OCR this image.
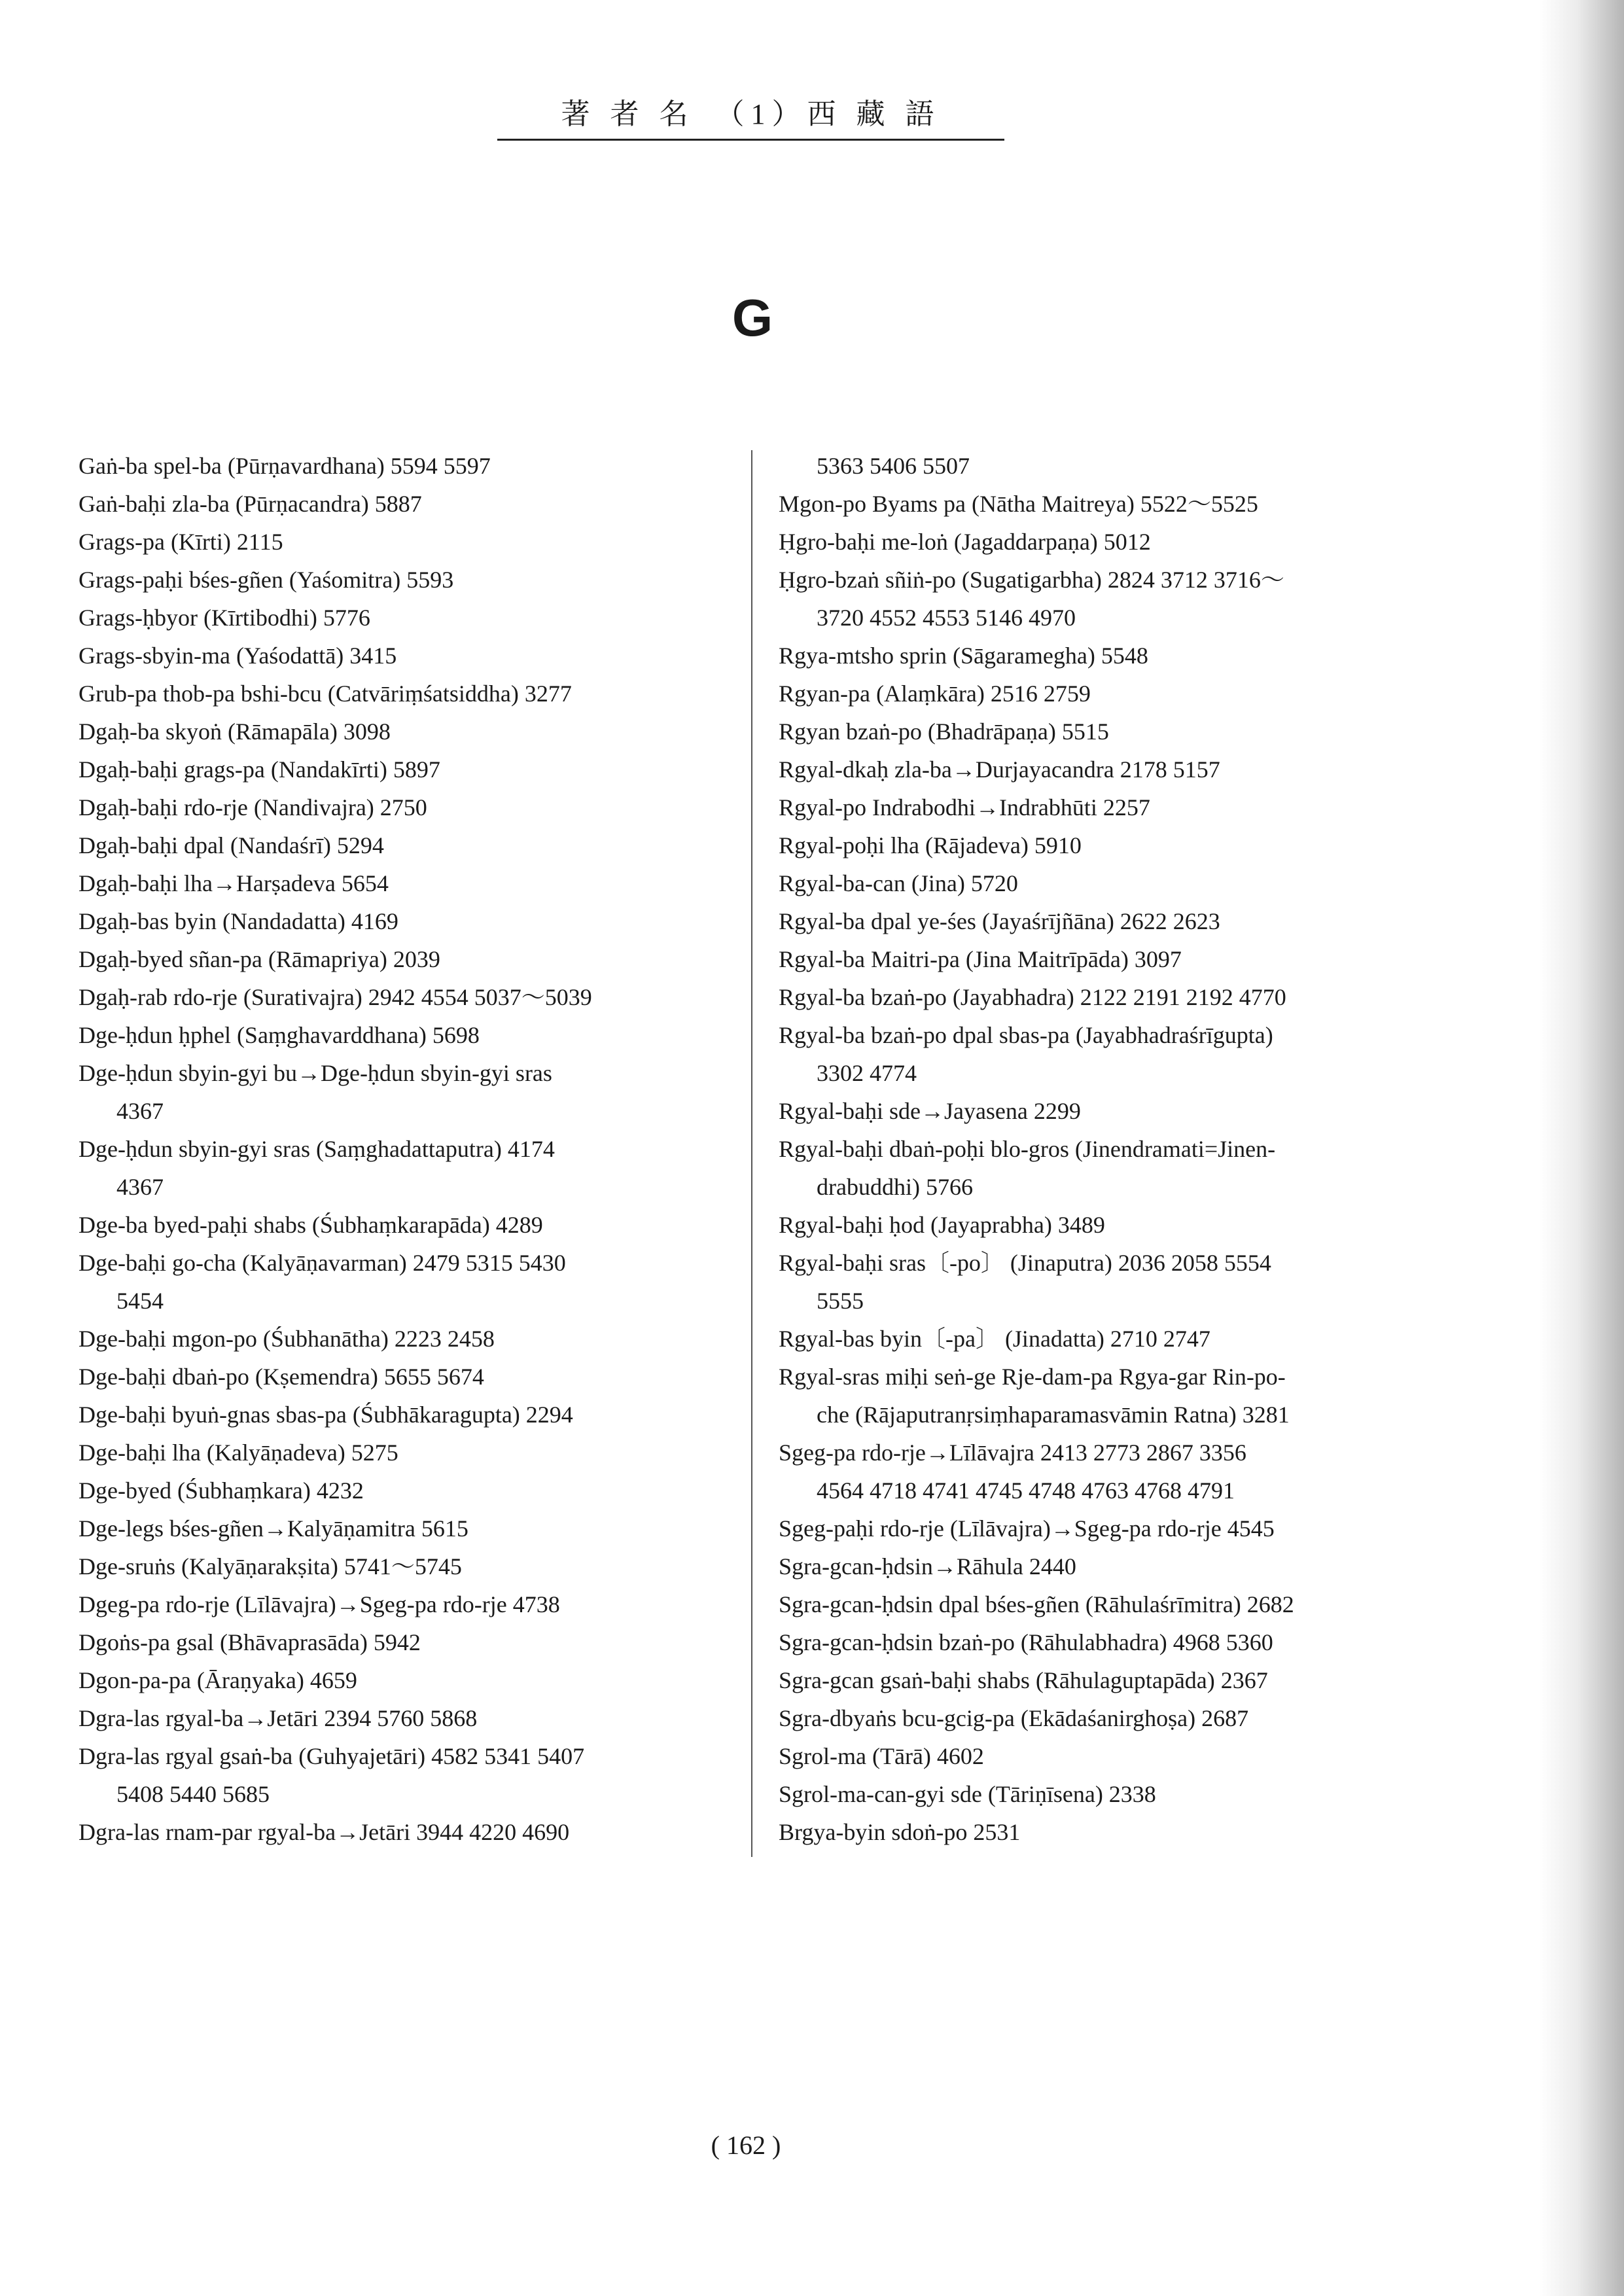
著 者 名　（1）西 藏 語
G

Gaṅ-ba spel-ba (Pūrṇavardhana) 5594 5597

Gaṅ-baḥi zla-ba (Pūrṇacandra) 5887

Grags-pa (Kīrti) 2115

Grags-paḥi bśes-gñen (Yaśomitra) 5593

Grags-ḥbyor (Kīrtibodhi) 5776

Grags-sbyin-ma (Yaśodattā) 3415

Grub-pa thob-pa bshi-bcu (Catvāriṃśatsiddha) 3277

Dgaḥ-ba skyoṅ (Rāmapāla) 3098

Dgaḥ-baḥi grags-pa (Nandakīrti) 5897

Dgaḥ-baḥi rdo-rje (Nandivajra) 2750

Dgaḥ-baḥi dpal (Nandaśrī) 5294

Dgaḥ-baḥi lha→Harṣadeva 5654

Dgaḥ-bas byin (Nandadatta) 4169

Dgaḥ-byed sñan-pa (Rāmapriya) 2039

Dgaḥ-rab rdo-rje (Surativajra) 2942 4554 5037～5039

Dge-ḥdun ḥphel (Saṃghavarddhana) 5698

Dge-ḥdun sbyin-gyi bu→Dge-ḥdun sbyin-gyi sras

4367

Dge-ḥdun sbyin-gyi sras (Saṃghadattaputra) 4174

4367

Dge-ba byed-paḥi shabs (Śubhaṃkarapāda) 4289

Dge-baḥi go-cha (Kalyāṇavarman) 2479 5315 5430

5454

Dge-baḥi mgon-po (Śubhanātha) 2223 2458

Dge-baḥi dbaṅ-po (Kṣemendra) 5655 5674

Dge-baḥi byuṅ-gnas sbas-pa (Śubhākaragupta) 2294

Dge-baḥi lha (Kalyāṇadeva) 5275

Dge-byed (Śubhaṃkara) 4232

Dge-legs bśes-gñen→Kalyāṇamitra 5615

Dge-sruṅs (Kalyāṇarakṣita) 5741～5745

Dgeg-pa rdo-rje (Līlāvajra)→Sgeg-pa rdo-rje 4738

Dgoṅs-pa gsal (Bhāvaprasāda) 5942

Dgon-pa-pa (Āraṇyaka) 4659

Dgra-las rgyal-ba→Jetāri 2394 5760 5868

Dgra-las rgyal gsaṅ-ba (Guhyajetāri) 4582 5341 5407

5408 5440 5685

Dgra-las rnam-par rgyal-ba→Jetāri 3944 4220 4690

5363 5406 5507

Mgon-po Byams pa (Nātha Maitreya) 5522～5525

Ḥgro-baḥi me-loṅ (Jagaddarpaṇa) 5012

Ḥgro-bzaṅ sñiṅ-po (Sugatigarbha) 2824 3712 3716～

3720 4552 4553 5146 4970

Rgya-mtsho sprin (Sāgaramegha) 5548

Rgyan-pa (Alaṃkāra) 2516 2759

Rgyan bzaṅ-po (Bhadrāpaṇa) 5515

Rgyal-dkaḥ zla-ba→Durjayacandra 2178 5157

Rgyal-po Indrabodhi→Indrabhūti 2257

Rgyal-poḥi lha (Rājadeva) 5910

Rgyal-ba-can (Jina) 5720

Rgyal-ba dpal ye-śes (Jayaśrījñāna) 2622 2623

Rgyal-ba Maitri-pa (Jina Maitrīpāda) 3097

Rgyal-ba bzaṅ-po (Jayabhadra) 2122 2191 2192 4770

Rgyal-ba bzaṅ-po dpal sbas-pa (Jayabhadraśrīgupta)

3302 4774

Rgyal-baḥi sde→Jayasena 2299

Rgyal-baḥi dbaṅ-poḥi blo-gros (Jinendramati=Jinen-

drabuddhi) 5766

Rgyal-baḥi ḥod (Jayaprabha) 3489

Rgyal-baḥi sras〔-po〕 (Jinaputra) 2036 2058 5554

5555

Rgyal-bas byin〔-pa〕 (Jinadatta) 2710 2747

Rgyal-sras miḥi seṅ-ge Rje-dam-pa Rgya-gar Rin-po-

che (Rājaputranṛsiṃhaparamasvāmin Ratna) 3281

Sgeg-pa rdo-rje→Līlāvajra 2413 2773 2867 3356

4564 4718 4741 4745 4748 4763 4768 4791

Sgeg-paḥi rdo-rje (Līlāvajra)→Sgeg-pa rdo-rje 4545

Sgra-gcan-ḥdsin→Rāhula 2440

Sgra-gcan-ḥdsin dpal bśes-gñen (Rāhulaśrīmitra) 2682

Sgra-gcan-ḥdsin bzaṅ-po (Rāhulabhadra) 4968 5360

Sgra-gcan gsaṅ-baḥi shabs (Rāhulaguptapāda) 2367

Sgra-dbyaṅs bcu-gcig-pa (Ekādaśanirghoṣa) 2687

Sgrol-ma (Tārā) 4602

Sgrol-ma-can-gyi sde (Tāriṇīsena) 2338

Brgya-byin sdoṅ-po 2531

( 162 )
